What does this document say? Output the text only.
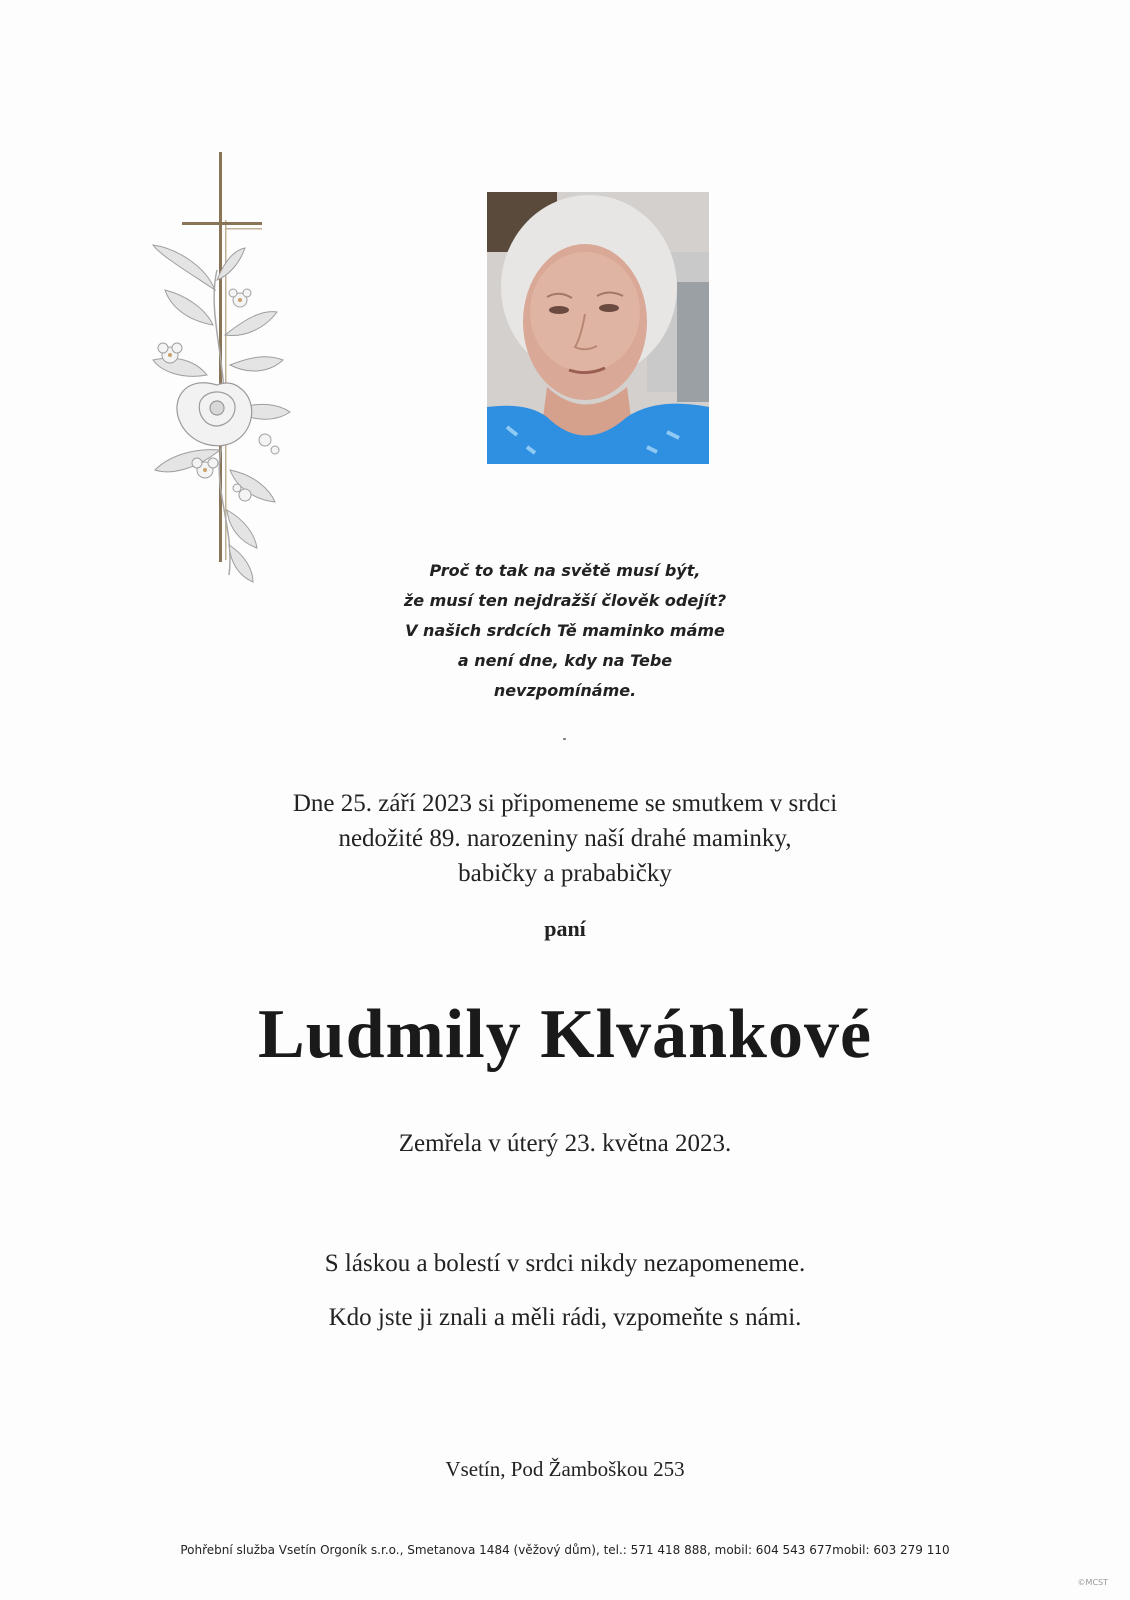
Proč to tak na světě musí být,
že musí ten nejdražší člověk odejít?
V našich srdcích Tě maminko máme
a není dne, kdy na Tebe
nevzpomínáme.
Dne 25. září 2023 si připomeneme se smutkem v srdci
nedožité 89. narozeniny naší drahé maminky,
babičky a prababičky
paní
Ludmily Klvánkové
Zemřela v úterý 23. května 2023.
S láskou a bolestí v srdci nikdy nezapomeneme.
Kdo jste ji znali a měli rádi, vzpomeňte s námi.
Vsetín, Pod Žamboškou 253
Pohřební služba Vsetín Orgoník s.r.o., Smetanova 1484 (věžový dům), tel.: 571 418 888, mobil: 604 543 677mobil: 603 279 110
©MCST
